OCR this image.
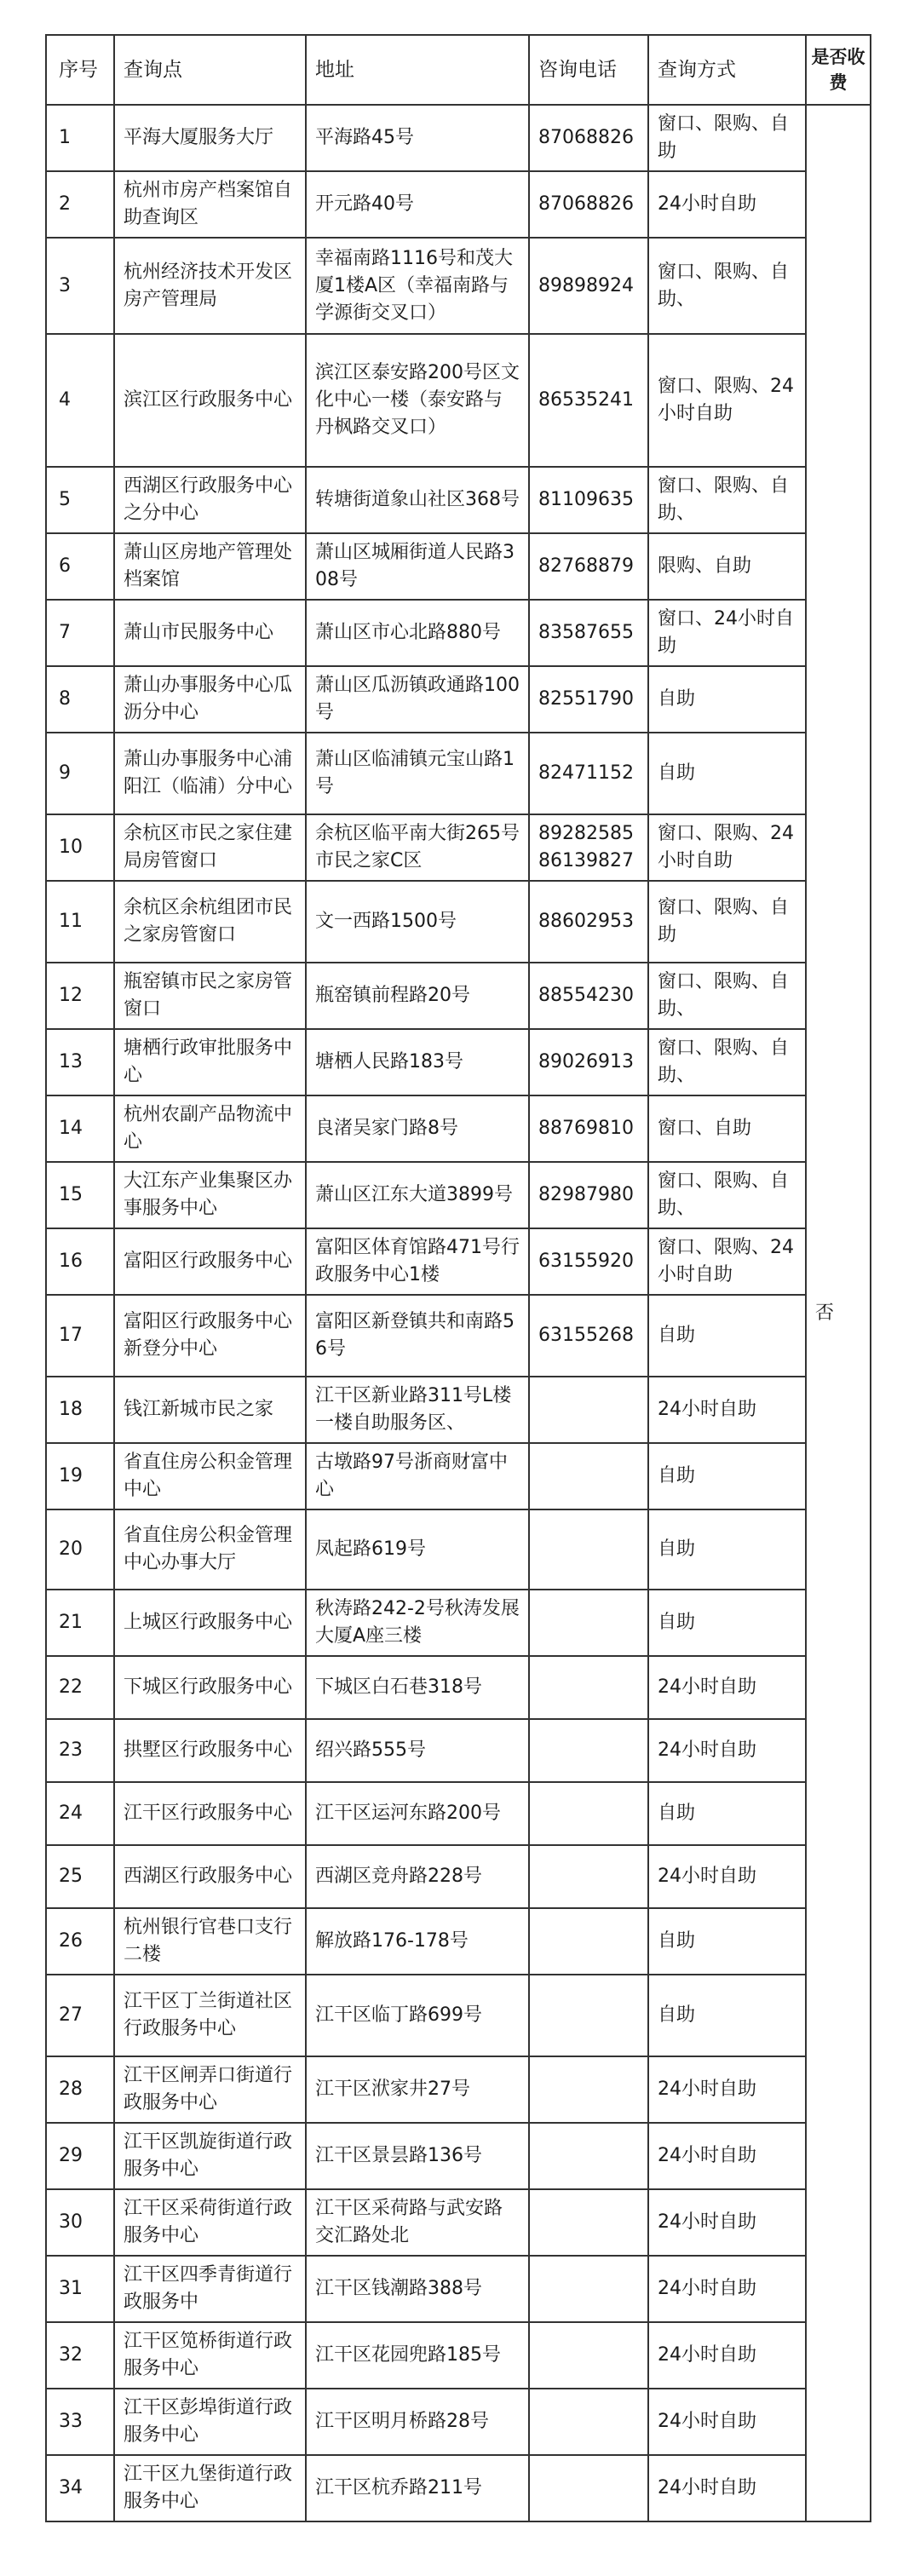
序号	查询点	地址	咨询电话	查询方式	是否收费
1	平海大厦服务大厅	平海路45号	87068826	窗口、限购、自助	否
2	杭州市房产档案馆自助查询区	开元路40号	87068826	24小时自助	
3	杭州经济技术开发区房产管理局	幸福南路1116号和茂大厦1楼A区（幸福南路与学源街交叉口）	89898924	窗口、限购、自助、	
4	滨江区行政服务中心	滨江区泰安路200号区文化中心一楼（泰安路与丹枫路交叉口）	86535241	窗口、限购、24小时自助	
5	西湖区行政服务中心之分中心	转塘街道象山社区368号	81109635	窗口、限购、自助、	
6	萧山区房地产管理处档案馆	萧山区城厢街道人民路308号	82768879	限购、自助	
7	萧山市民服务中心	萧山区市心北路880号	83587655	窗口、24小时自助	
8	萧山办事服务中心瓜沥分中心	萧山区瓜沥镇政通路100号	82551790	自助	
9	萧山办事服务中心浦阳江（临浦）分中心	萧山区临浦镇元宝山路1号	82471152	自助	
10	余杭区市民之家住建局房管窗口	余杭区临平南大街265号市民之家C区	89282585 86139827	窗口、限购、24小时自助	
11	余杭区余杭组团市民之家房管窗口	文一西路1500号	88602953	窗口、限购、自助	
12	瓶窑镇市民之家房管窗口	瓶窑镇前程路20号	88554230	窗口、限购、自助、	
13	塘栖行政审批服务中心	塘栖人民路183号	89026913	窗口、限购、自助、	
14	杭州农副产品物流中心	良渚吴家门路8号	88769810	窗口、自助	
15	大江东产业集聚区办事服务中心	萧山区江东大道3899号	82987980	窗口、限购、自助、	
16	富阳区行政服务中心	富阳区体育馆路471号行政服务中心1楼	63155920	窗口、限购、24小时自助	
17	富阳区行政服务中心新登分中心	富阳区新登镇共和南路56号	63155268	自助	
18	钱江新城市民之家	江干区新业路311号L楼一楼自助服务区、		24小时自助	
19	省直住房公积金管理中心	古墩路97号浙商财富中心		自助	
20	省直住房公积金管理中心办事大厅	凤起路619号		自助	
21	上城区行政服务中心	秋涛路242-2号秋涛发展大厦A座三楼		自助	
22	下城区行政服务中心	下城区白石巷318号		24小时自助	
23	拱墅区行政服务中心	绍兴路555号		24小时自助	
24	江干区行政服务中心	江干区运河东路200号		自助	
25	西湖区行政服务中心	西湖区竞舟路228号		24小时自助	
26	杭州银行官巷口支行二楼	解放路176-178号		自助	
27	江干区丁兰街道社区行政服务中心	江干区临丁路699号		自助	
28	江干区闸弄口街道行政服务中心	江干区洑家井27号		24小时自助	
29	江干区凯旋街道行政服务中心	江干区景昙路136号		24小时自助	
30	江干区采荷街道行政服务中心	江干区采荷路与武安路交汇路处北		24小时自助	
31	江干区四季青街道行政服务中	江干区钱潮路388号		24小时自助	
32	江干区笕桥街道行政服务中心	江干区花园兜路185号		24小时自助	
33	江干区彭埠街道行政服务中心	江干区明月桥路28号		24小时自助	
34	江干区九堡街道行政服务中心	江干区杭乔路211号		24小时自助	
